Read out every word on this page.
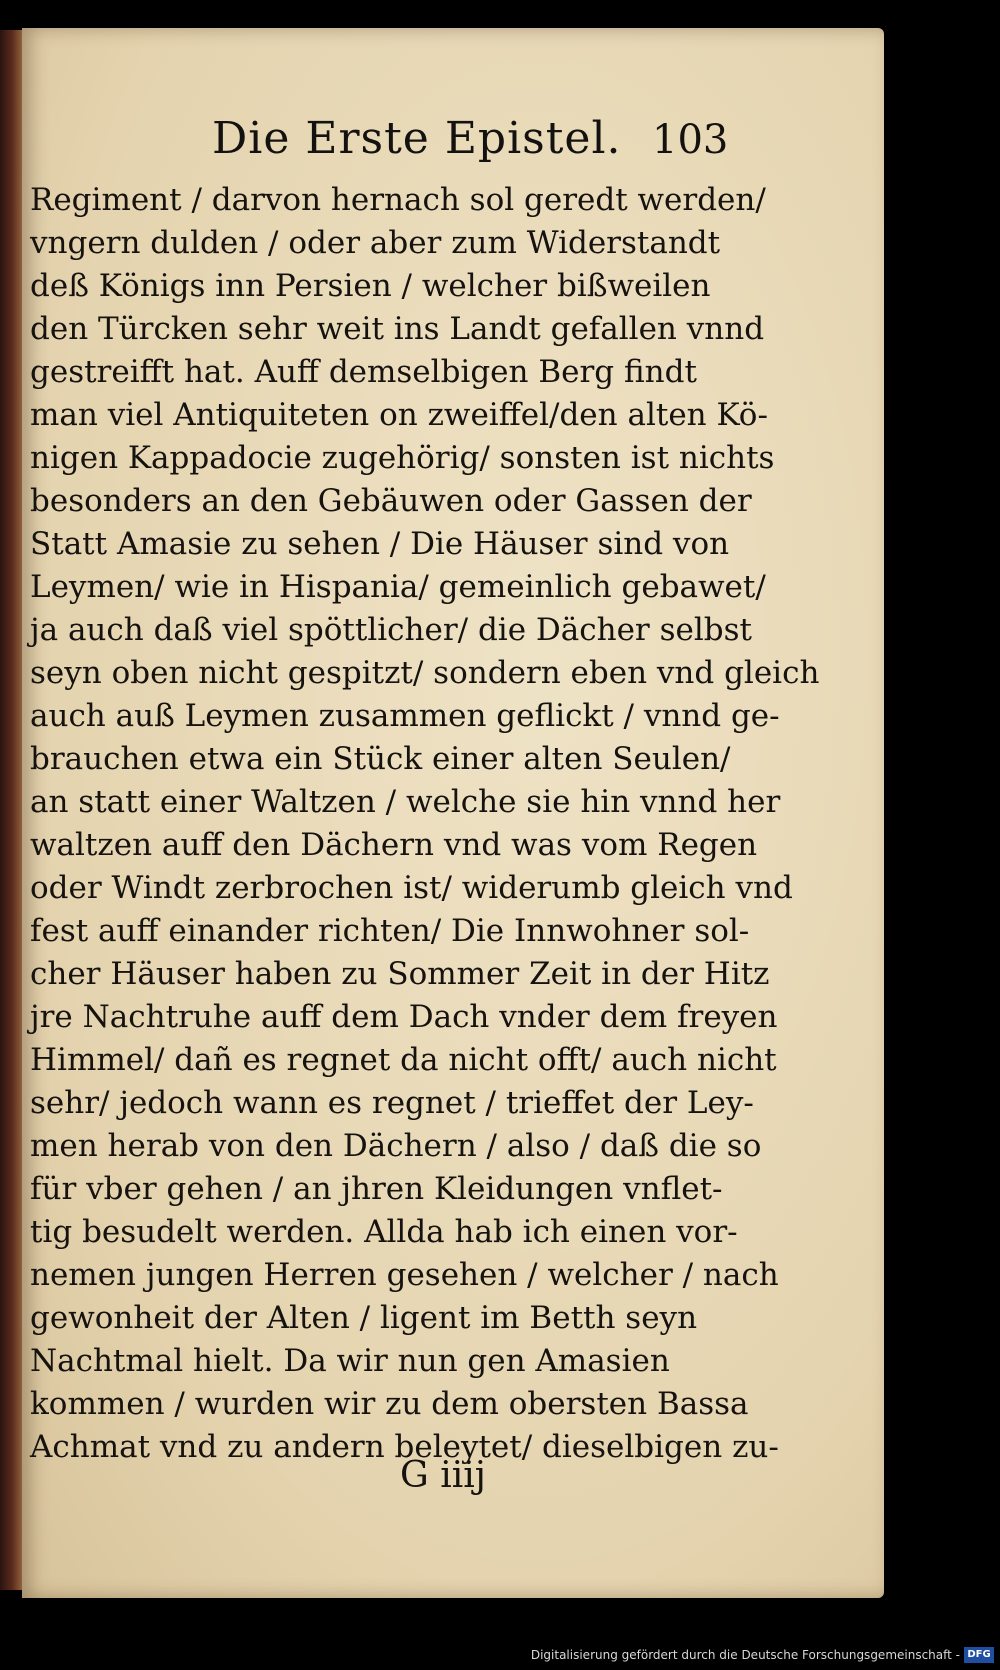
Die Erste Epistel. 103
Regiment / darvon hernach sol geredt werden/
vngern dulden / oder aber zum Widerstandt
deß Königs inn Persien / welcher bißweilen
den Türcken sehr weit ins Landt gefallen vnnd
gestreifft hat. Auff demselbigen Berg findt
man viel Antiquiteten on zweiffel/den alten Kö-
nigen Kappadocie zugehörig/ sonsten ist nichts
besonders an den Gebäuwen oder Gassen der
Statt Amasie zu sehen / Die Häuser sind von
Leymen/ wie in Hispania/ gemeinlich gebawet/
ja auch daß viel spöttlicher/ die Dächer selbst
seyn oben nicht gespitzt/ sondern eben vnd gleich
auch auß Leymen zusammen geflickt / vnnd ge-
brauchen etwa ein Stück einer alten Seulen/
an statt einer Waltzen / welche sie hin vnnd her
waltzen auff den Dächern vnd was vom Regen
oder Windt zerbrochen ist/ widerumb gleich vnd
fest auff einander richten/ Die Innwohner sol-
cher Häuser haben zu Sommer Zeit in der Hitz
jre Nachtruhe auff dem Dach vnder dem freyen
Himmel/ dañ es regnet da nicht offt/ auch nicht
sehr/ jedoch wann es regnet / trieffet der Ley-
men herab von den Dächern / also / daß die so
für vber gehen / an jhren Kleidungen vnflet-
tig besudelt werden. Allda hab ich einen vor-
nemen jungen Herren gesehen / welcher / nach
gewonheit der Alten / ligent im Betth seyn
Nachtmal hielt. Da wir nun gen Amasien
kommen / wurden wir zu dem obersten Bassa
Achmat vnd zu andern beleytet/ dieselbigen zu-
G iiij
Digitalisierung gefördert durch die Deutsche Forschungsgemeinschaft - DFG
